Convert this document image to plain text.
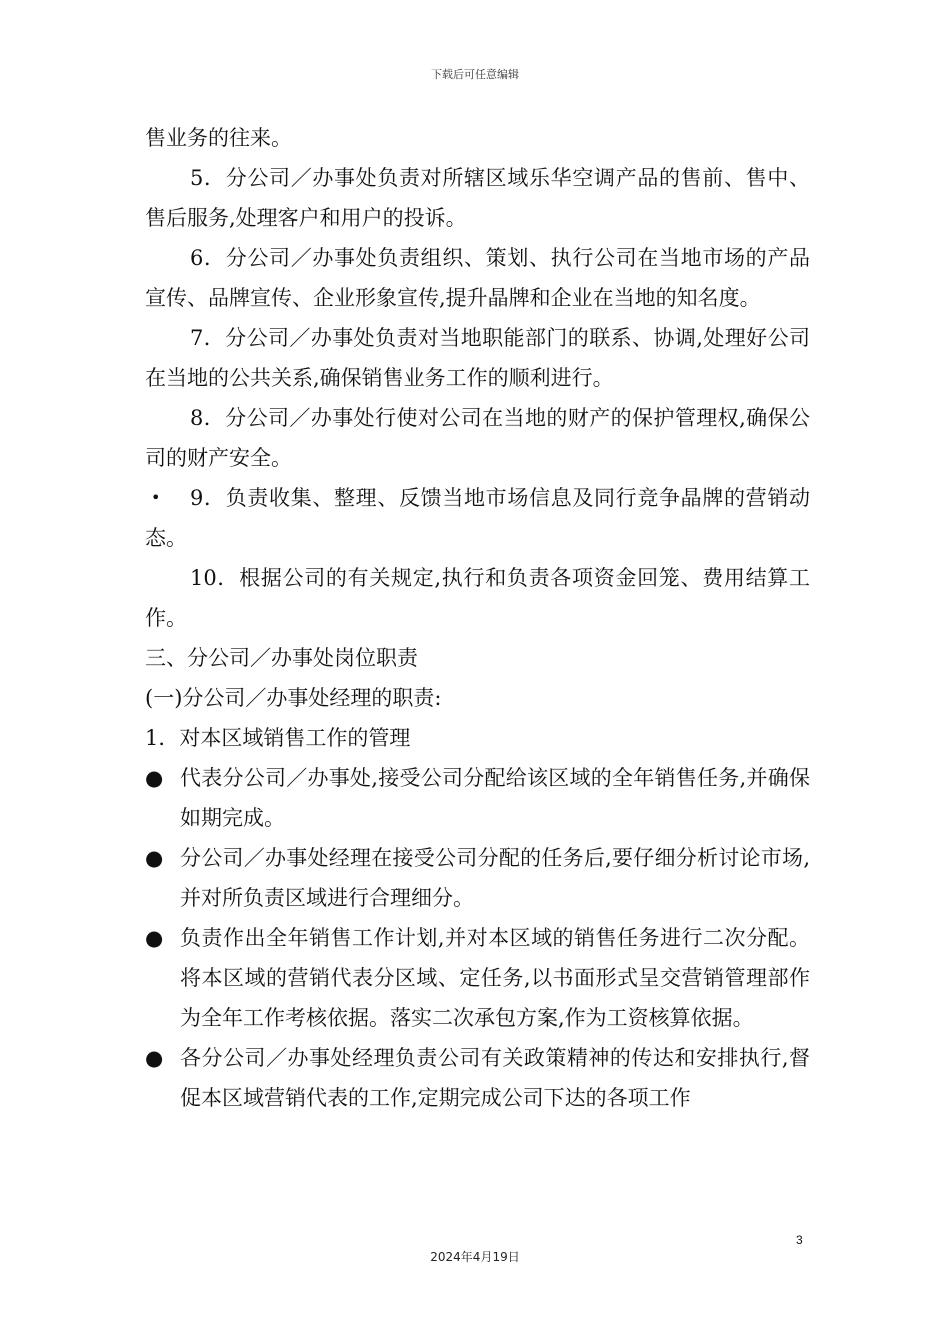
下载后可任意编辑

售业务的往来。

5．分公司／办事处负责对所辖区域乐华空调产品的售前、售中、售后服务,处理客户和用户的投诉。

6．分公司／办事处负责组织、策划、执行公司在当地市场的产品宣传、品牌宣传、企业形象宣传,提升晶牌和企业在当地的知名度。

7．分公司／办事处负责对当地职能部门的联系、协调,处理好公司在当地的公共关系,确保销售业务工作的顺利进行。

8．分公司／办事处行使对公司在当地的财产的保护管理权,确保公司的财产安全。

•	9．负责收集、整理、反馈当地市场信息及同行竞争晶牌的营销动态。

10．根据公司的有关规定,执行和负责各项资金回笼、费用结算工作。

三、分公司／办事处岗位职责

(一)分公司／办事处经理的职责:

1．对本区域销售工作的管理

● 代表分公司／办事处,接受公司分配给该区域的全年销售任务,并确保如期完成。
● 分公司／办事处经理在接受公司分配的任务后,要仔细分析讨论市场,并对所负责区域进行合理细分。
● 负责作出全年销售工作计划,并对本区域的销售任务进行二次分配。将本区域的营销代表分区域、定任务,以书面形式呈交营销管理部作为全年工作考核依据。落实二次承包方案,作为工资核算依据。
● 各分公司／办事处经理负责公司有关政策精神的传达和安排执行,督促本区域营销代表的工作,定期完成公司下达的各项工作
3
2024年4月19日
